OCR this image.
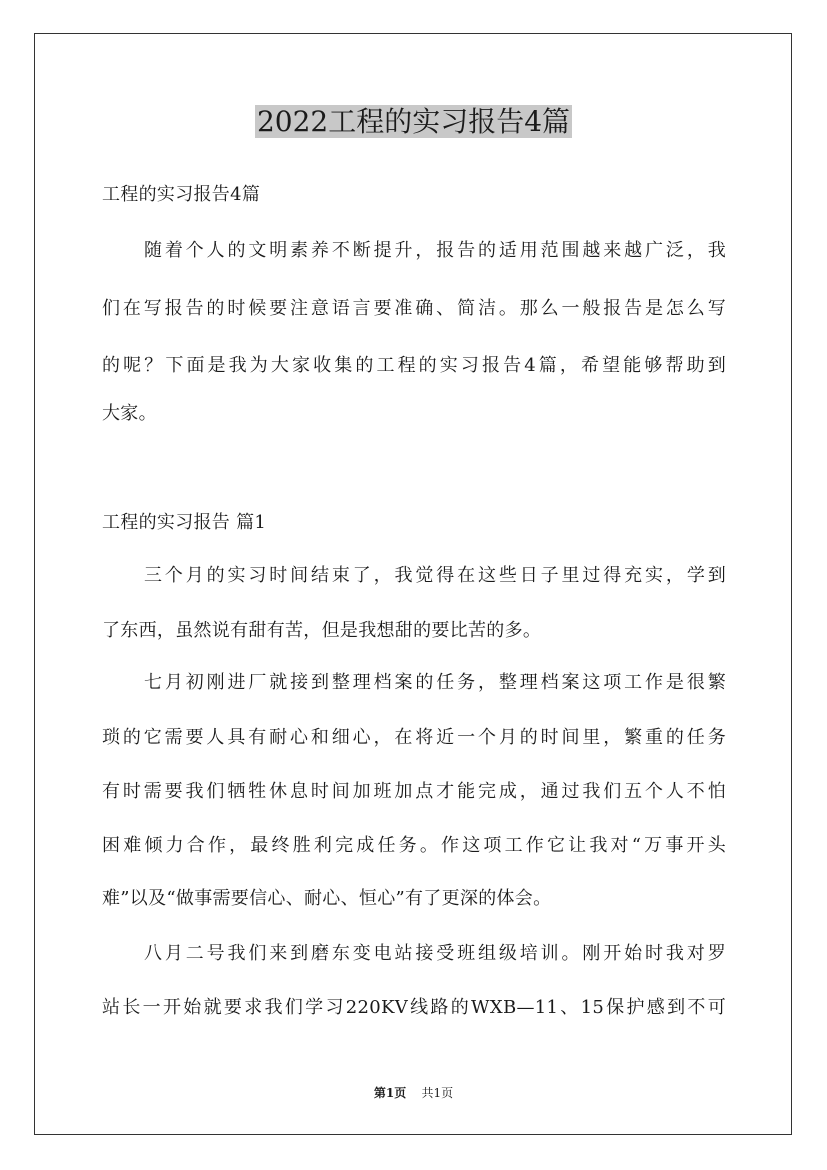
2022工程的实习报告4篇
工程的实习报告4篇
随着个人的文明素养不断提升，报告的适用范围越来越广泛，我
们在写报告的时候要注意语言要准确、简洁。那么一般报告是怎么写
的呢？下面是我为大家收集的工程的实习报告4篇，希望能够帮助到
大家。
工程的实习报告 篇1
三个月的实习时间结束了，我觉得在这些日子里过得充实，学到
了东西，虽然说有甜有苦，但是我想甜的要比苦的多。
七月初刚进厂就接到整理档案的任务，整理档案这项工作是很繁
琐的它需要人具有耐心和细心，在将近一个月的时间里，繁重的任务
有时需要我们牺牲休息时间加班加点才能完成，通过我们五个人不怕
困难倾力合作，最终胜利完成任务。作这项工作它让我对“万事开头
难”以及“做事需要信心、耐心、恒心”有了更深的体会。
八月二号我们来到磨东变电站接受班组级培训。刚开始时我对罗
站长一开始就要求我们学习220KV线路的WXB—11、15保护感到不可
第1页 共1页
